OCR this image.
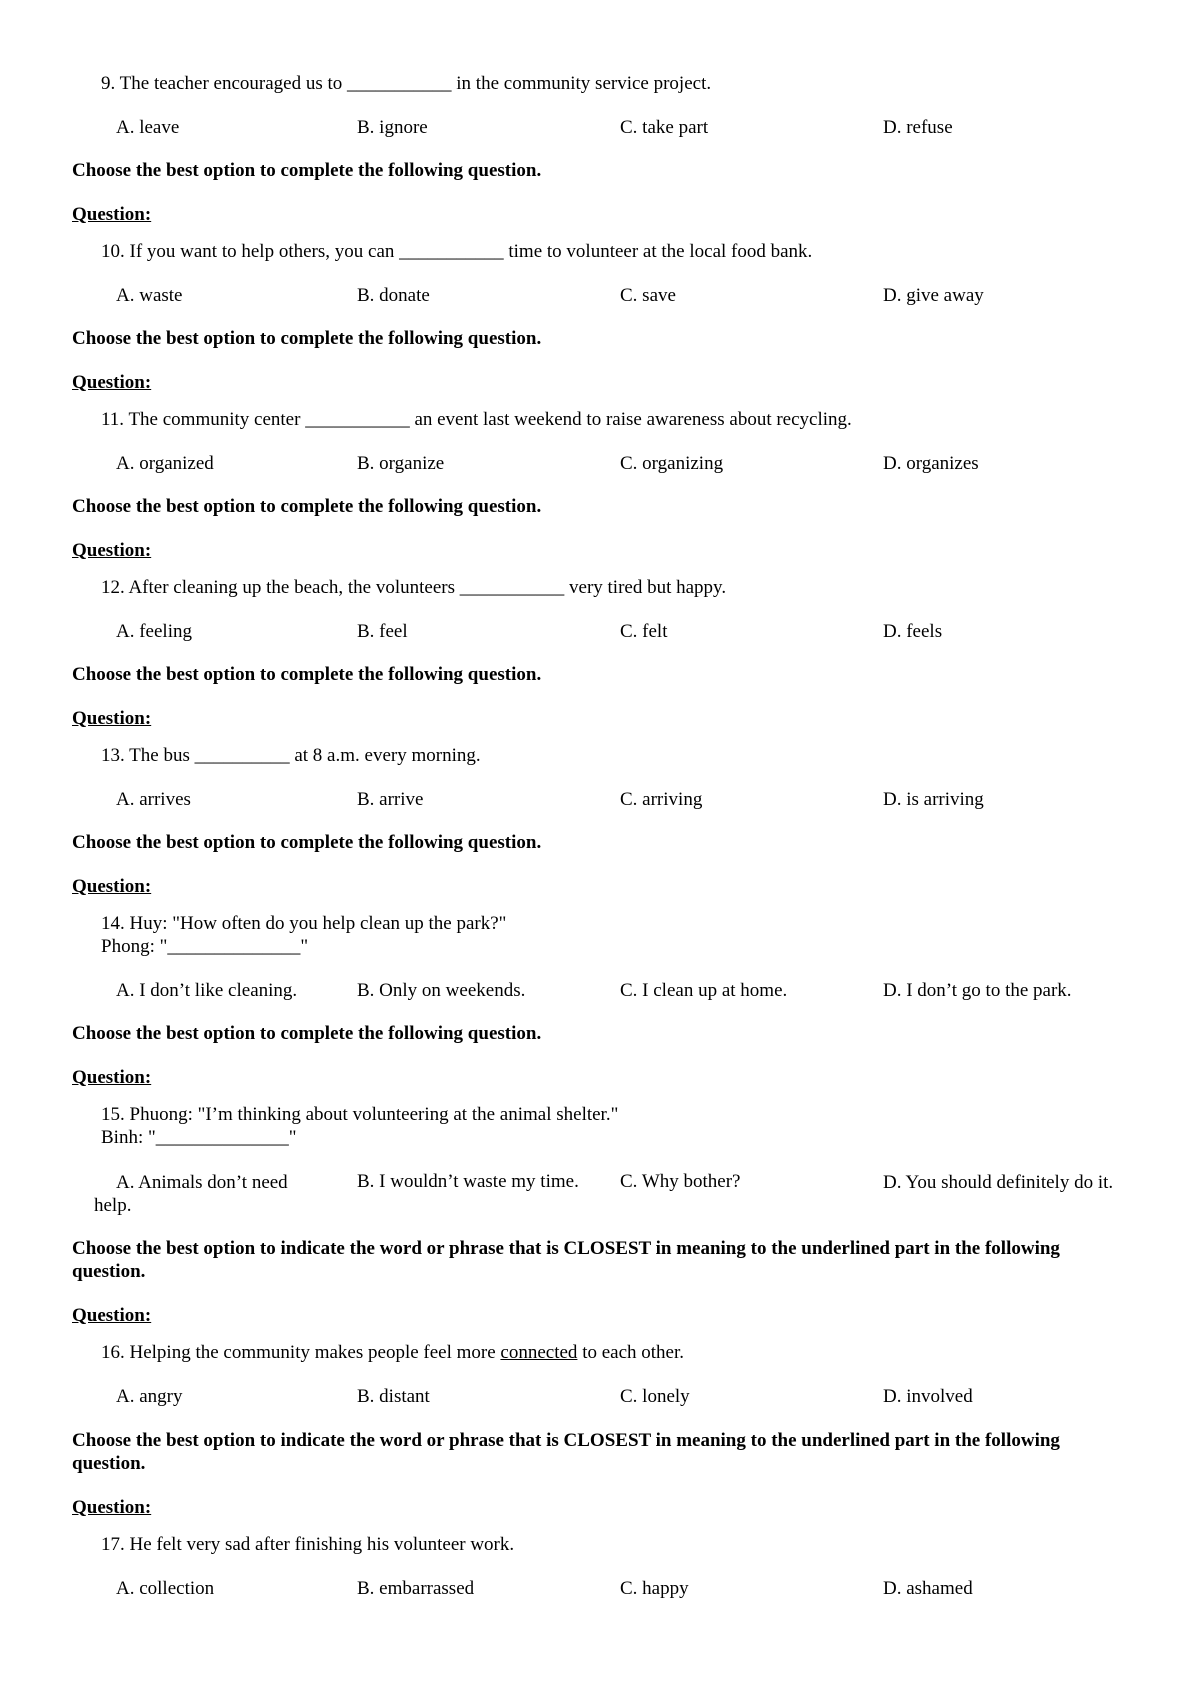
9. The teacher encouraged us to ___________ in the community service project.
A. leave	B. ignore	C. take part	D. refuse
Choose the best option to complete the following question.
Question:
10. If you want to help others, you can ___________ time to volunteer at the local food bank.
A. waste	B. donate	C. save	D. give away
Choose the best option to complete the following question.
Question:
11. The community center ___________ an event last weekend to raise awareness about recycling.
A. organized	B. organize	C. organizing	D. organizes
Choose the best option to complete the following question.
Question:
12. After cleaning up the beach, the volunteers ___________ very tired but happy.
A. feeling	B. feel	C. felt	D. feels
Choose the best option to complete the following question.
Question:
13. The bus __________ at 8 a.m. every morning.
A. arrives	B. arrive	C. arriving	D. is arriving
Choose the best option to complete the following question.
Question:
14. Huy: "How often do you help clean up the park?"
Phong: "______________"
A. I don’t like cleaning.	B. Only on weekends.	C. I clean up at home.	D. I don’t go to the park.
Choose the best option to complete the following question.
Question:
15. Phuong: "I’m thinking about volunteering at the animal shelter."
Binh: "______________"
A. Animals don’t need help.
B. I wouldn’t waste my time. C. Why bother?	D. You should definitely do it.
Choose the best option to indicate the word or phrase that is CLOSEST in meaning to the underlined part in the following question.
Question:
16. Helping the community makes people feel more connected to each other.
A. angry	B. distant	C. lonely	D. involved
Choose the best option to indicate the word or phrase that is CLOSEST in meaning to the underlined part in the following question.
Question:
17. He felt very sad after finishing his volunteer work.
A. collection	B. embarrassed	C. happy	D. ashamed
